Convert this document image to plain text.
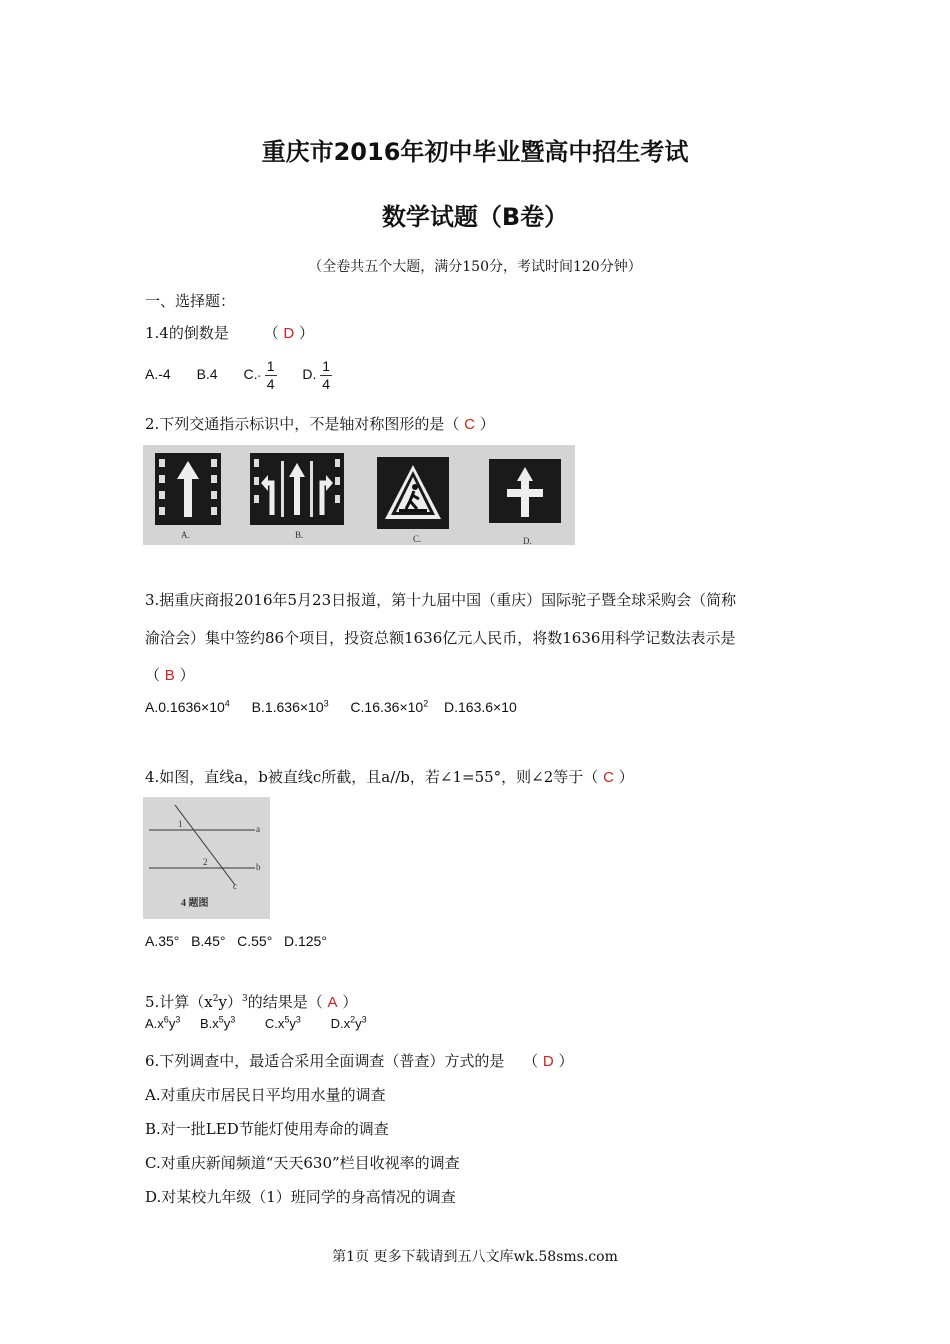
重庆市2016年初中毕业暨高中招生考试
数学试题（B卷）
（全卷共五个大题，满分150分，考试时间120分钟）
一、选择题：
1.4的倒数是 （ D ）
A.-4 B.4 $C.- \frac{1}{4} D$. $\frac{1}{4}$
2.下列交通指示标识中，不是轴对称图形的是（ C ）
A.	B.	C.	D.
3.据重庆商报2016年5月23日报道，第十九届中国（重庆）国际驼子暨全球采购会（简称
渝洽会）集中签约86个项目，投资总额1636亿元人民币，将数1636用科学记数法表示是
（ B ）
$A.0.1636\times 10^4$ $B.1.636\times 10^3$ $C.16.36\times 10^2$ D.163.6×10
4.如图，直线a，b被直线c所截，且a//b，若∠1=55°，则∠2等于（ C ）
a
b
c
1
2
4 题图
A.35°   B.45°   C.55°   D.125°
5.计算$(x^2y)^3$的结果是（ A ）
$A.x^6y^3$ $B.x^5y^3$ $C.x^5y^3$ $D.x^2y^3$
6.下列调查中，最适合采用全面调查（普查）方式的是 （ D ）
A.对重庆市居民日平均用水量的调查
B.对一批LED节能灯使用寿命的调查
C.对重庆新闻频道“天天630”栏目收视率的调查
D.对某校九年级（1）班同学的身高情况的调查
第1页 更多下载请到五八文库wk.58sms.com
